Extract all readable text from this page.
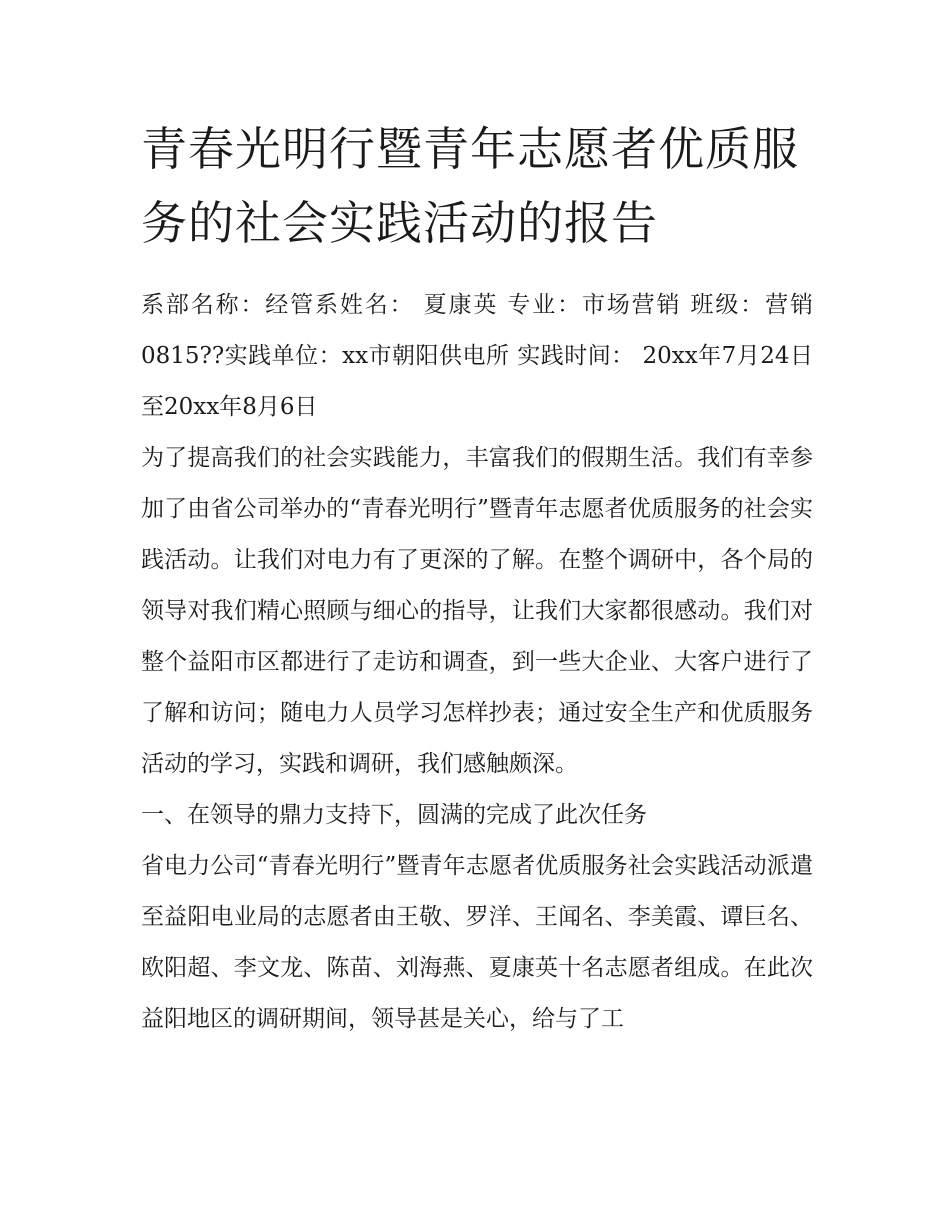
青春光明行暨青年志愿者优质服务的社会实践活动的报告

系部名称：经管系姓名： 夏康英 专业：市场营销 班级：营销0815??实践单位：xx市朝阳供电所 实践时间： 20xx年7月24日至20xx年8月6日

为了提高我们的社会实践能力，丰富我们的假期生活。我们有幸参加了由省公司举办的“青春光明行”暨青年志愿者优质服务的社会实践活动。让我们对电力有了更深的了解。在整个调研中，各个局的领导对我们精心照顾与细心的指导，让我们大家都很感动。我们对整个益阳市区都进行了走访和调查，到一些大企业、大客户进行了了解和访问；随电力人员学习怎样抄表；通过安全生产和优质服务活动的学习，实践和调研，我们感触颇深。

一、在领导的鼎力支持下，圆满的完成了此次任务

省电力公司“青春光明行”暨青年志愿者优质服务社会实践活动派遣至益阳电业局的志愿者由王敬、罗洋、王闻名、李美霞、谭巨名、欧阳超、李文龙、陈苗、刘海燕、夏康英十名志愿者组成。在此次益阳地区的调研期间，领导甚是关心，给与了工
